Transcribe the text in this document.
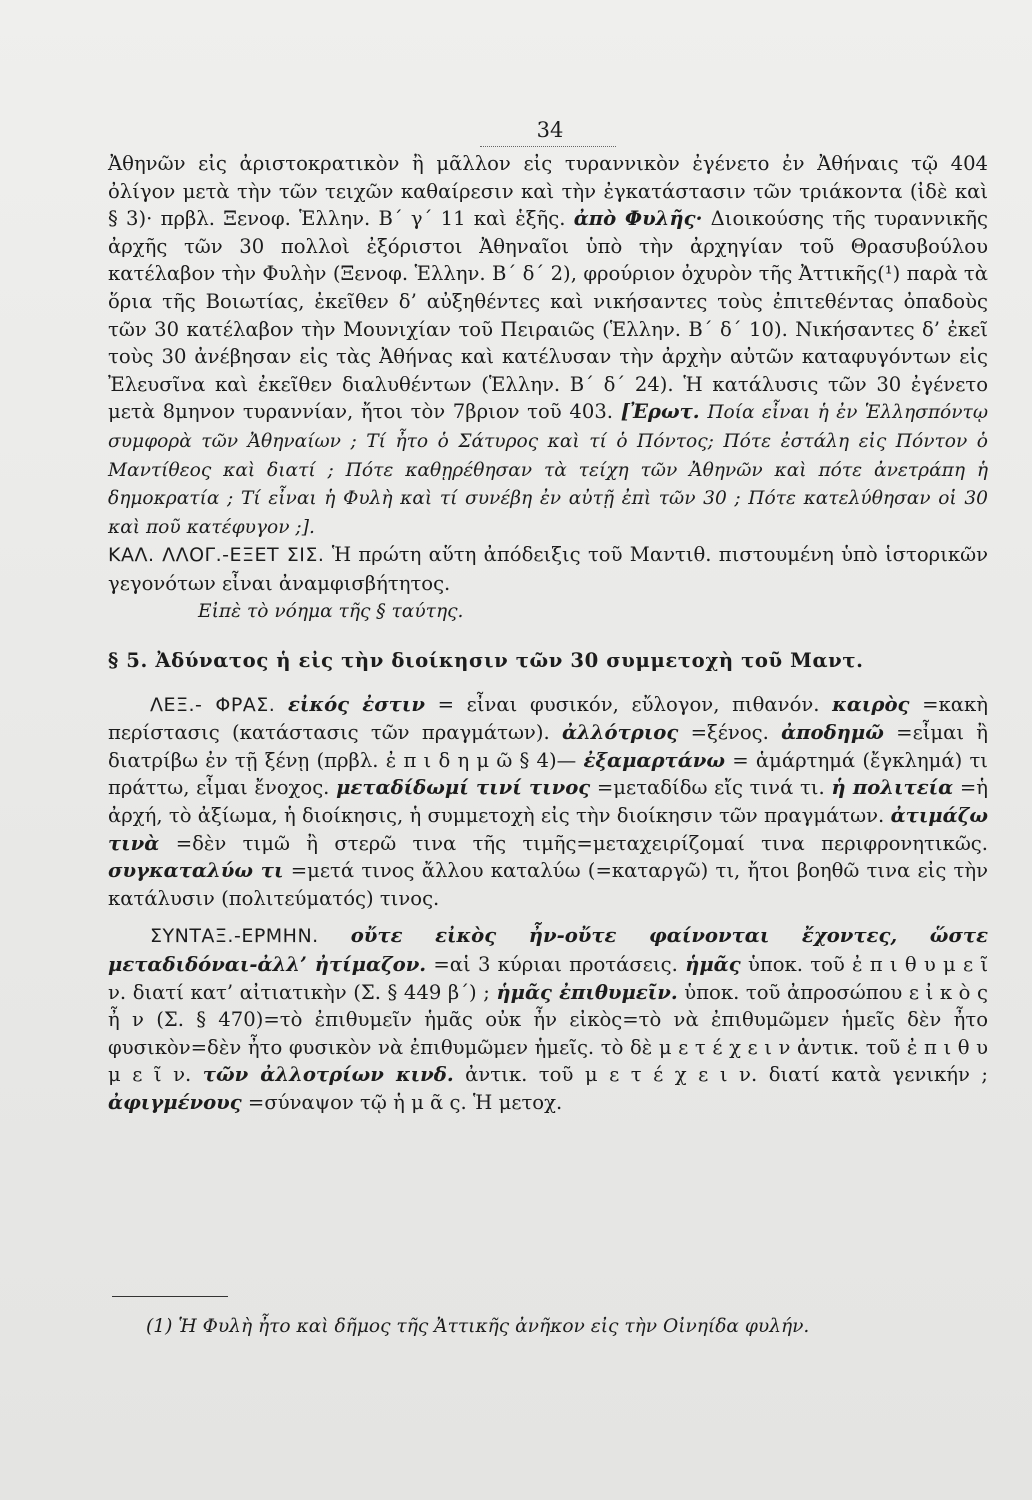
34

Ἀθηνῶν εἰς ἀριστοκρατικὸν ἢ μᾶλλον εἰς τυραννικὸν ἐγένετο ἐν Ἀθήναις τῷ 404 ὀλίγον μετὰ τὴν τῶν τειχῶν καθαίρεσιν καὶ τὴν ἐγκατάστασιν τῶν τριάκοντα (ἰδὲ καὶ § 3)· πρβλ. Ξενοφ. Ἑλλην. Β΄ γ΄ 11 καὶ ἑξῆς. ἀπὸ Φυλῆς· Διοικούσης τῆς τυραννικῆς ἀρχῆς τῶν 30 πολλοὶ ἐξόριστοι Ἀθηναῖοι ὑπὸ τὴν ἀρχηγίαν τοῦ Θρασυβούλου κατέλαβον τὴν Φυλὴν (Ξενοφ. Ἑλλην. Β΄ δ΄ 2), φρούριον ὀχυρὸν τῆς Ἀττικῆς(¹) παρὰ τὰ ὅρια τῆς Βοιωτίας, ἐκεῖθεν δ’ αὐξηθέντες καὶ νικήσαντες τοὺς ἐπιτεθέντας ὀπαδοὺς τῶν 30 κατέλαβον τὴν Μουνιχίαν τοῦ Πειραιῶς (Ἑλλην. Β΄ δ΄ 10). Νικήσαντες δ’ ἐκεῖ τοὺς 30 ἀνέβησαν εἰς τὰς Ἀθήνας καὶ κατέλυσαν τὴν ἀρχὴν αὐτῶν καταφυγόντων εἰς Ἐλευσῖνα καὶ ἐκεῖθεν διαλυθέντων (Ἑλλην. Β΄ δ΄ 24). Ἡ κατάλυσις τῶν 30 ἐγένετο μετὰ 8μηνον τυραννίαν, ἤτοι τὸν 7βριον τοῦ 403. [Ἐρωτ. Ποία εἶναι ἡ ἐν Ἑλλησπόντῳ συμφορὰ τῶν Ἀθηναίων ; Τί ἦτο ὁ Σάτυρος καὶ τί ὁ Πόντος; Πότε ἐστάλη εἰς Πόντον ὁ Μαντίθεος καὶ διατί ; Πότε καθῃρέθησαν τὰ τείχη τῶν Ἀθηνῶν καὶ πότε ἀνετράπη ἡ δημοκρατία ; Τί εἶναι ἡ Φυλὴ καὶ τί συνέβη ἐν αὐτῇ ἐπὶ τῶν 30 ; Πότε κατελύθησαν οἱ 30 καὶ ποῦ κατέφυγον ;].

ΚΑΛ. ΛΛΟΓ.-ΕΞΕΤ ΣΙΣ. Ἡ πρώτη αὕτη ἀπόδειξις τοῦ Μαντιθ. πιστουμένη ὑπὸ ἱστορικῶν γεγονότων εἶναι ἀναμφισβήτητος.

Εἰπὲ τὸ νόημα τῆς § ταύτης.

§ 5. Ἀδύνατος ἡ εἰς τὴν διοίκησιν τῶν 30 συμμετοχὴ τοῦ Μαντ.

ΛΕΞ.- ΦΡΑΣ. εἰκός ἐστιν = εἶναι φυσικόν, εὔλογον, πιθανόν. καιρὸς =κακὴ περίστασις (κατάστασις τῶν πραγμάτων). ἀλλότριος =ξένος. ἀποδημῶ =εἶμαι ἢ διατρίβω ἐν τῇ ξένῃ (πρβλ. ἐ π ι δ η μ ῶ § 4)— ἐξαμαρτάνω = ἁμάρτημά (ἔγκλημά) τι πράττω, εἶμαι ἔνοχος. μεταδίδωμί τινί τινος =μεταδίδω εἴς τινά τι. ἡ πολιτεία =ἡ ἀρχή, τὸ ἀξίωμα, ἡ διοίκησις, ἡ συμμετοχὴ εἰς τὴν διοίκησιν τῶν πραγμάτων. ἀτιμάζω τινὰ =δὲν τιμῶ ἢ στερῶ τινα τῆς τιμῆς=μεταχειρίζομαί τινα περιφρονητικῶς. συγκαταλύω τι =μετά τινος ἄλλου καταλύω (=καταργῶ) τι, ἤτοι βοηθῶ τινα εἰς τὴν κατάλυσιν (πολιτεύματός) τινος.

ΣΥΝΤΑΞ.-ΕΡΜΗΝ. οὔτε εἰκὸς ἦν-οὔτε φαίνονται ἔχοντες, ὥστε μεταδιδόναι-ἀλλ’ ἠτίμαζον. =αἱ 3 κύριαι προτάσεις. ἡμᾶς ὑποκ. τοῦ ἐ π ι θ υ μ ε ῖ ν. διατί κατ’ αἰτιατικὴν (Σ. § 449 β΄) ; ἡμᾶς ἐπιθυμεῖν. ὑποκ. τοῦ ἀπροσώπου ε ἰ κ ὸ ς ἦ ν (Σ. § 470)=τὸ ἐπιθυμεῖν ἡμᾶς οὐκ ἦν εἰκὸς=τὸ νὰ ἐπιθυμῶμεν ἡμεῖς δὲν ἦτο φυσικὸν=δὲν ἦτο φυσικὸν νὰ ἐπιθυμῶμεν ἡμεῖς. τὸ δὲ μ ε τ έ χ ε ι ν ἀντικ. τοῦ ἐ π ι θ υ μ ε ῖ ν. τῶν ἀλλοτρίων κινδ. ἀντικ. τοῦ μ ε τ έ χ ε ι ν. διατί κατὰ γενικήν ; ἀφιγμένους =σύναψον τῷ ἡ μ ᾶ ς. Ἡ μετοχ.

(1) Ἡ Φυλὴ ἦτο καὶ δῆμος τῆς Ἀττικῆς ἀνῆκον εἰς τὴν Οἰνηίδα φυλήν.
